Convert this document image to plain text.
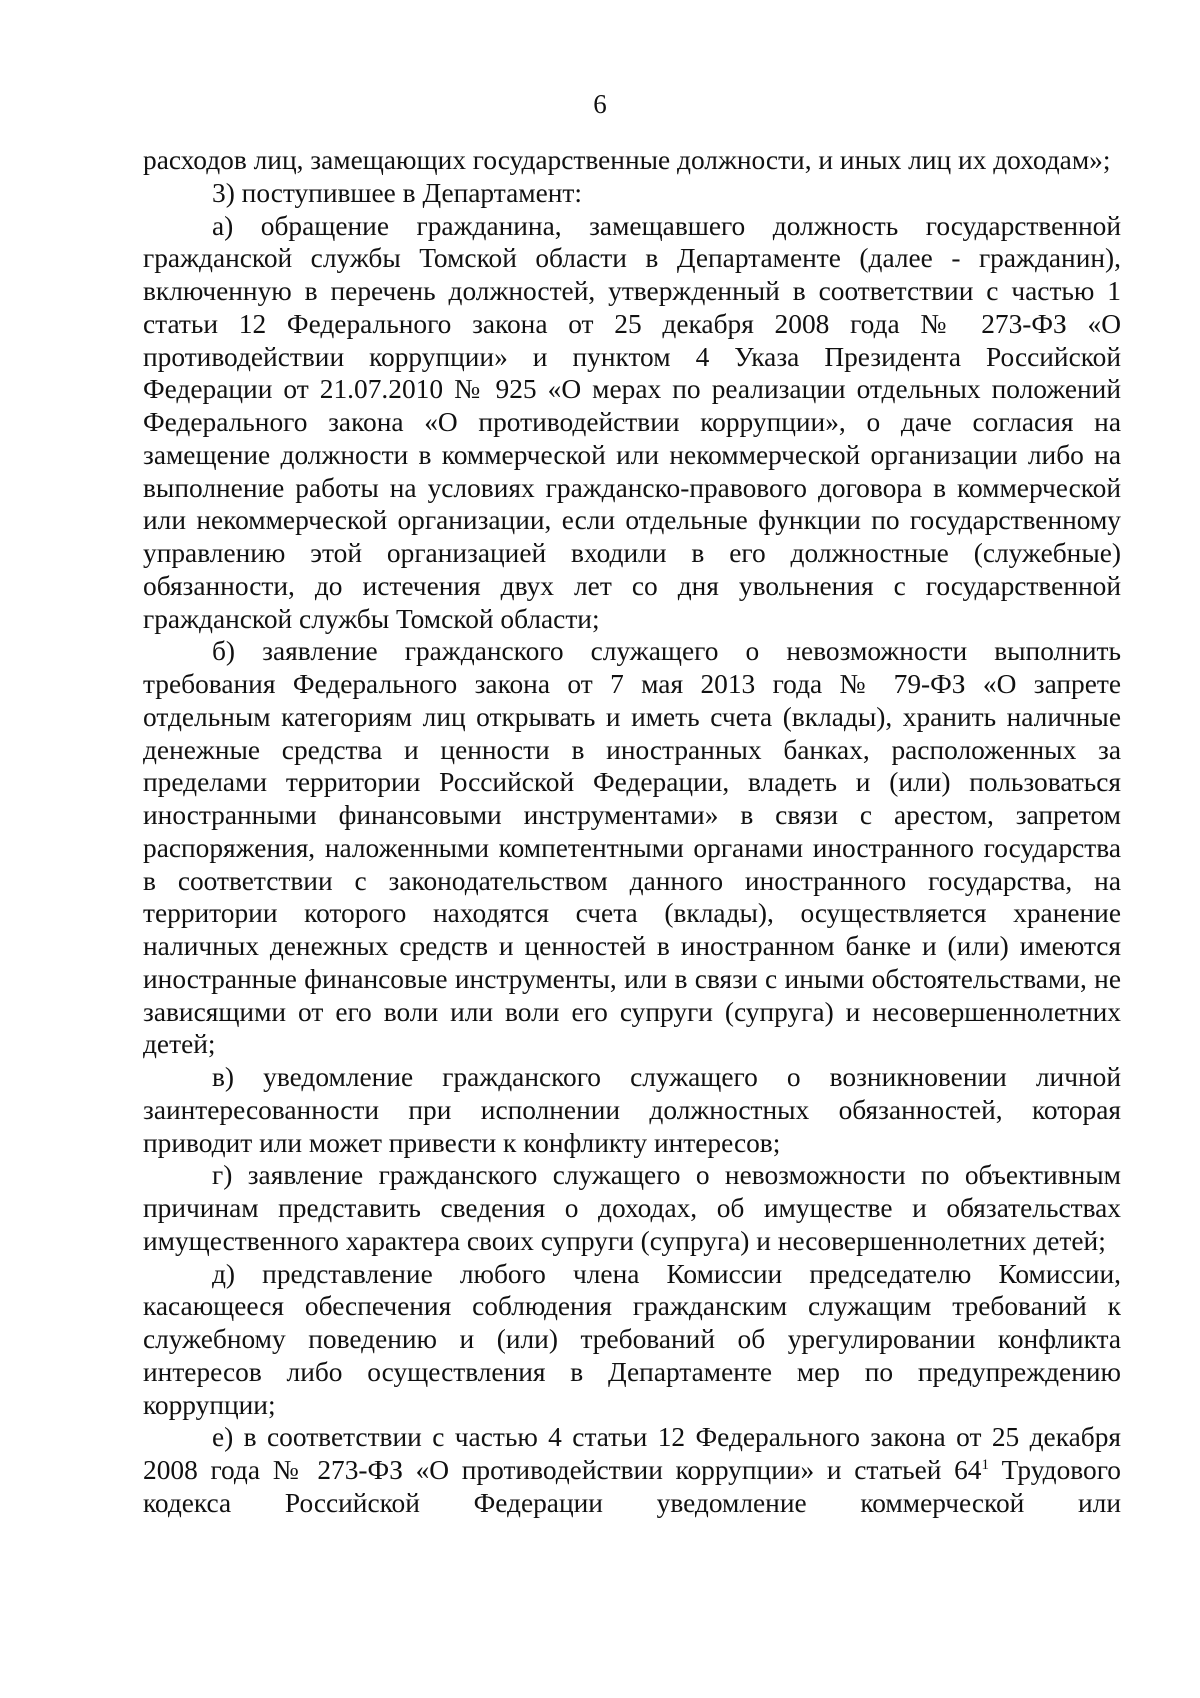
6

расходов лиц, замещающих государственные должности, и иных лиц их доходам»;

3) поступившее в Департамент:

а) обращение гражданина, замещавшего должность государственной гражданской службы Томской области в Департаменте (далее - гражданин), включенную в перечень должностей, утвержденный в соответствии с частью 1 статьи 12 Федерального закона от 25 декабря 2008 года № 273-ФЗ «О противодействии коррупции» и пунктом 4 Указа Президента Российской Федерации от 21.07.2010 № 925 «О мерах по реализации отдельных положений Федерального закона «О противодействии коррупции», о даче согласия на замещение должности в коммерческой или некоммерческой организации либо на выполнение работы на условиях гражданско-правового договора в коммерческой или некоммерческой организации, если отдельные функции по государственному управлению этой организацией входили в его должностные (служебные) обязанности, до истечения двух лет со дня увольнения с государственной гражданской службы Томской области;

б) заявление гражданского служащего о невозможности выполнить требования Федерального закона от 7 мая 2013 года № 79-ФЗ «О запрете отдельным категориям лиц открывать и иметь счета (вклады), хранить наличные денежные средства и ценности в иностранных банках, расположенных за пределами территории Российской Федерации, владеть и (или) пользоваться иностранными финансовыми инструментами» в связи с арестом, запретом распоряжения, наложенными компетентными органами иностранного государства в соответствии с законодательством данного иностранного государства, на территории которого находятся счета (вклады), осуществляется хранение наличных денежных средств и ценностей в иностранном банке и (или) имеются иностранные финансовые инструменты, или в связи с иными обстоятельствами, не зависящими от его воли или воли его супруги (супруга) и несовершеннолетних детей;

в) уведомление гражданского служащего о возникновении личной заинтересованности при исполнении должностных обязанностей, которая приводит или может привести к конфликту интересов;

г) заявление гражданского служащего о невозможности по объективным причинам представить сведения о доходах, об имуществе и обязательствах имущественного характера своих супруги (супруга) и несовершеннолетних детей;

д) представление любого члена Комиссии председателю Комиссии, касающееся обеспечения соблюдения гражданским служащим требований к служебному поведению и (или) требований об урегулировании конфликта интересов либо осуществления в Департаменте мер по предупреждению коррупции;

е) в соответствии с частью 4 статьи 12 Федерального закона от 25 декабря 2008 года № 273-ФЗ «О противодействии коррупции» и статьей $64^1$ Трудового кодекса Российской Федерации уведомление коммерческой или
